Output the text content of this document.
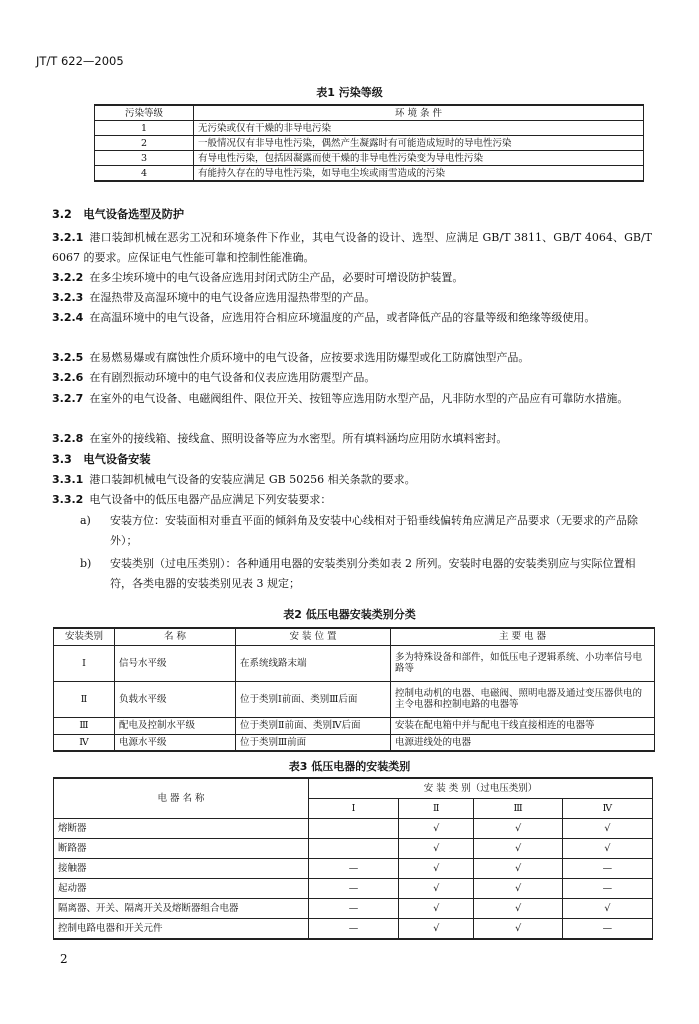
JT/T 622—2005
表1 污染等级
污染等级	环 境 条 件
1	无污染或仅有干燥的非导电污染
2	一般情况仅有非导电性污染，偶然产生凝露时有可能造成短时的导电性污染
3	有导电性污染，包括因凝露而使干燥的非导电性污染变为导电性污染
4	有能持久存在的导电性污染，如导电尘埃或雨雪造成的污染
3.2 电气设备选型及防护
3.2.1 港口装卸机械在恶劣工况和环境条件下作业，其电气设备的设计、选型、应满足 GB/T 3811、GB/T 4064、GB/T 6067 的要求。应保证电气性能可靠和控制性能准确。
3.2.2 在多尘埃环境中的电气设备应选用封闭式防尘产品，必要时可增设防护装置。
3.2.3 在湿热带及高湿环境中的电气设备应选用湿热带型的产品。
3.2.4 在高温环境中的电气设备，应选用符合相应环境温度的产品，或者降低产品的容量等级和绝缘等级使用。
3.2.5 在易燃易爆或有腐蚀性介质环境中的电气设备，应按要求选用防爆型或化工防腐蚀型产品。
3.2.6 在有剧烈振动环境中的电气设备和仪表应选用防震型产品。
3.2.7 在室外的电气设备、电磁阀组件、限位开关、按钮等应选用防水型产品，凡非防水型的产品应有可靠防水措施。
3.2.8 在室外的接线箱、接线盒、照明设备等应为水密型。所有填料涵均应用防水填料密封。
3.3 电气设备安装
3.3.1 港口装卸机械电气设备的安装应满足 GB 50256 相关条款的要求。
3.3.2 电气设备中的低压电器产品应满足下列安装要求：
a) 安装方位：安装面相对垂直平面的倾斜角及安装中心线相对于铅垂线偏转角应满足产品要求（无要求的产品除外）；
b) 安装类别（过电压类别）：各种通用电器的安装类别分类如表 2 所列。安装时电器的安装类别应与实际位置相符，各类电器的安装类别见表 3 规定；
表2 低压电器安装类别分类
安装类别	名 称	安 装 位 置	主 要 电 器
Ⅰ	信号水平级	在系统线路末端	多为特殊设备和部件，如低压电子逻辑系统、小功率信号电路等
Ⅱ	负载水平级	位于类别Ⅰ前面、类别Ⅲ后面	控制电动机的电器、电磁阀、照明电器及通过变压器供电的主令电器和控制电路的电器等
Ⅲ	配电及控制水平级	位于类别Ⅱ前面、类别Ⅳ后面	安装在配电箱中并与配电干线直接相连的电器等
Ⅳ	电源水平级	位于类别Ⅲ前面	电源进线处的电器
表3 低压电器的安装类别
电 器 名 称	安 装 类 别（过电压类别）			
	Ⅰ	Ⅱ	Ⅲ	Ⅳ
熔断器		√	√	√
断路器		√	√	√
接触器	—	√	√	—
起动器	—	√	√	—
隔离器、开关、隔离开关及熔断器组合电器	—	√	√	√
控制电路电器和开关元件	—	√	√	—
2
